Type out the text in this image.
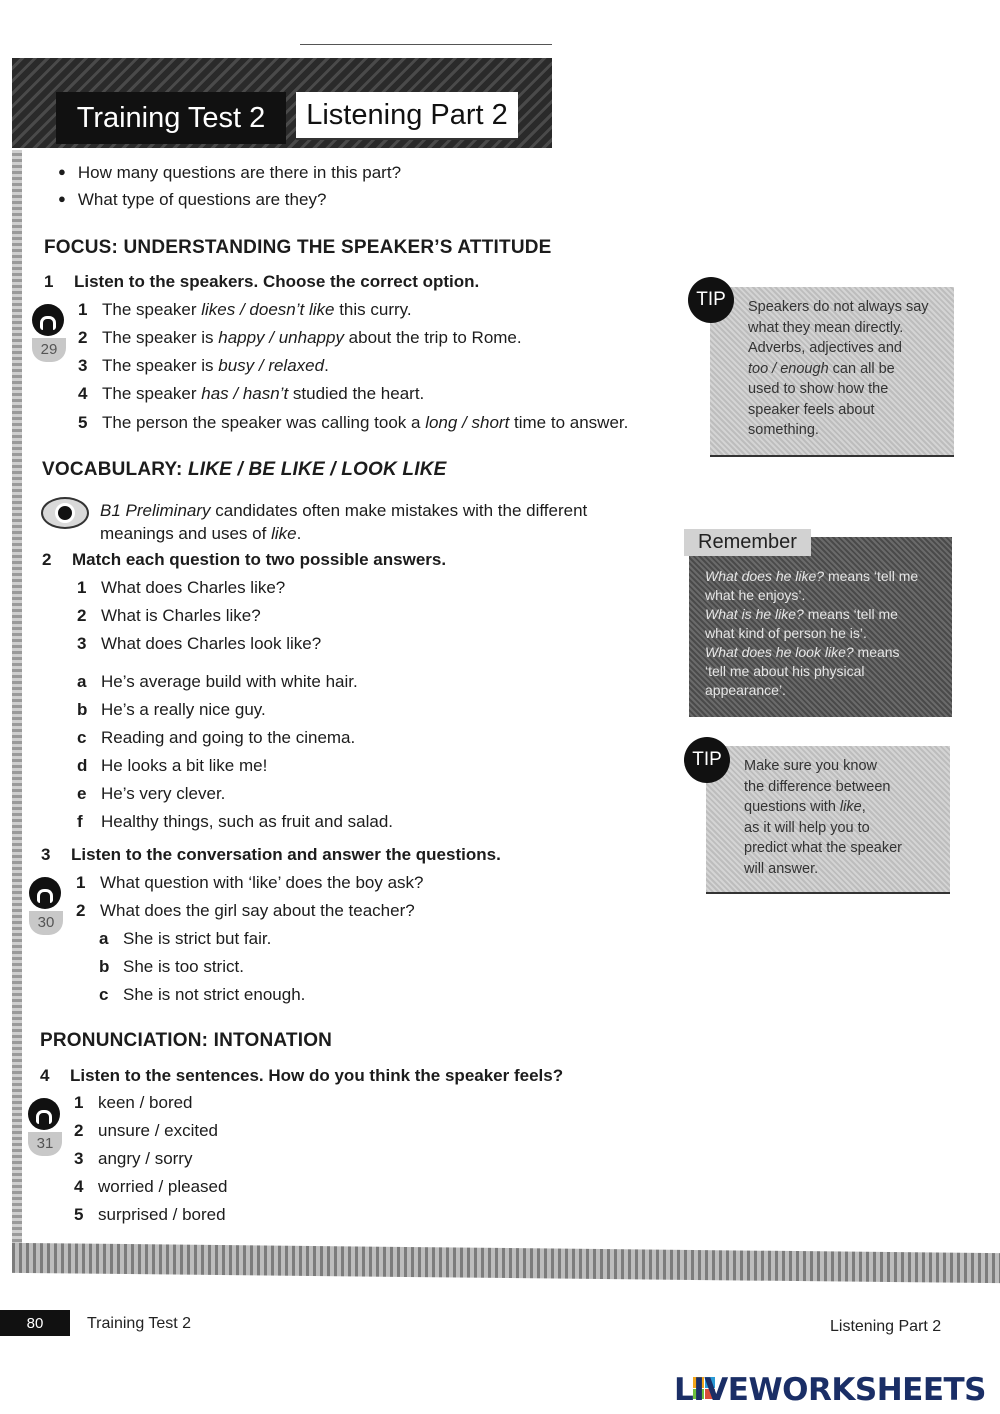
Training Test 2	Listening Part 2
● How many questions are there in this part?
● What type of questions are they?
FOCUS: UNDERSTANDING THE SPEAKER’S ATTITUDE
1 Listen to the speakers. Choose the correct option.
29
1 The speaker likes / doesn’t like this curry.
2 The speaker is happy / unhappy about the trip to Rome.
3 The speaker is busy / relaxed.
4 The speaker has / hasn’t studied the heart.
5 The person the speaker was calling took a long / short time to answer.
Speakers do not always say
what they mean directly.
Adverbs, adjectives and
too / enough can all be
used to show how the
speaker feels about
something.
TIP
VOCABULARY: LIKE / BE LIKE / LOOK LIKE
B1 Preliminary candidates often make mistakes with the different
meanings and uses of like.
2 Match each question to two possible answers.
1 What does Charles like?
2 What is Charles like?
3 What does Charles look like?
a He’s average build with white hair.
b He’s a really nice guy.
c Reading and going to the cinema.
d He looks a bit like me!
e He’s very clever.
f Healthy things, such as fruit and salad.
3 Listen to the conversation and answer the questions.
30
1 What question with ‘like’ does the boy ask?
2 What does the girl say about the teacher?
a She is strict but fair.
b She is too strict.
c She is not strict enough.
What does he like? means ‘tell me
what he enjoys’.
What is he like? means ‘tell me
what kind of person he is’.
What does he look like? means
‘tell me about his physical
appearance’.
Remember
Make sure you know
the difference between
questions with like,
as it will help you to
predict what the speaker
will answer.
TIP
PRONUNCIATION: INTONATION
4 Listen to the sentences. How do you think the speaker feels?
31
1 keen / bored
2 unsure / excited
3 angry / sorry
4 worried / pleased
5 surprised / bored
80	Training Test 2	Listening Part 2
LIVEWORKSHEETS
